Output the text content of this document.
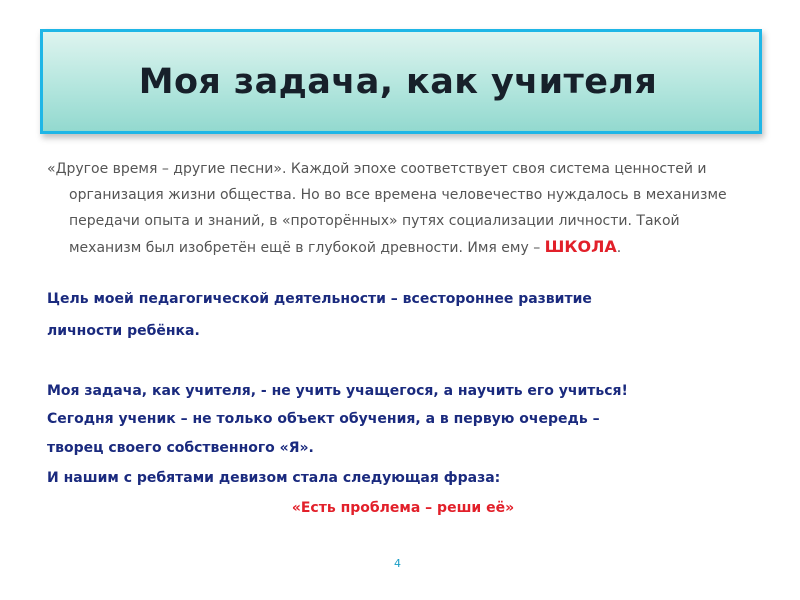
Моя задача, как учителя
«Другое время – другие песни». Каждой эпохе соответствует своя система ценностей и организация жизни общества. Но во все времена человечество нуждалось в механизме передачи опыта и знаний, в «проторённых» путях социализации личности. Такой механизм был изобретён ещё в глубокой древности. Имя ему – ШКОЛА.
Цель моей педагогической деятельности – всестороннее развитие
личности ребёнка.
Моя задача, как учителя, - не учить учащегося, а научить его учиться!
Сегодня ученик – не только объект обучения, а в первую очередь –
творец своего собственного «Я».
И нашим с ребятами девизом стала следующая фраза:
«Есть проблема – реши её»
4
